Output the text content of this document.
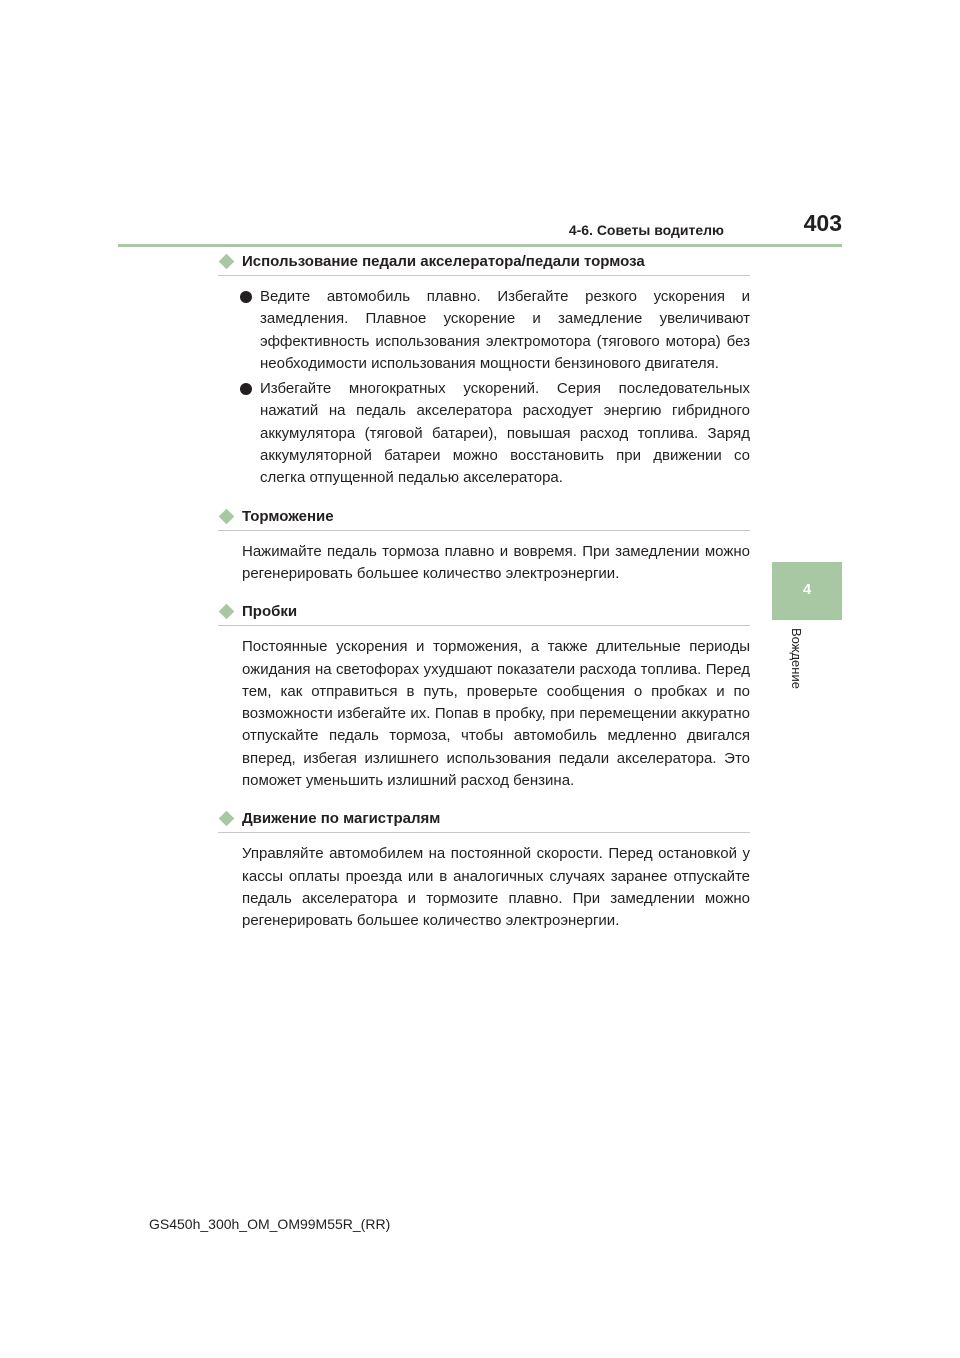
4-6. Советы водителю	403
4
Вождение
Использование педали акселератора/педали тормоза
Ведите автомобиль плавно. Избегайте резкого ускорения и замедления. Плавное ускорение и замедление увеличивают эффективность использования электромотора (тягового мотора) без необходимости использования мощности бензинового двигателя.
Избегайте многократных ускорений. Серия последовательных нажатий на педаль акселератора расходует энергию гибридного аккумулятора (тяговой батареи), повышая расход топлива. Заряд аккумуляторной батареи можно восстановить при движении со слегка отпущенной педалью акселератора.
Торможение
Нажимайте педаль тормоза плавно и вовремя. При замедлении можно регенерировать большее количество электроэнергии.
Пробки
Постоянные ускорения и торможения, а также длительные периоды ожидания на светофорах ухудшают показатели расхода топлива. Перед тем, как отправиться в путь, проверьте сообщения о пробках и по возможности избегайте их. Попав в пробку, при перемещении аккуратно отпускайте педаль тормоза, чтобы автомобиль медленно двигался вперед, избегая излишнего использования педали акселератора. Это поможет уменьшить излишний расход бензина.
Движение по магистралям
Управляйте автомобилем на постоянной скорости. Перед остановкой у кассы оплаты проезда или в аналогичных случаях заранее отпускайте педаль акселератора и тормозите плавно. При замедлении можно регенерировать большее количество электроэнергии.
GS450h_300h_OM_OM99M55R_(RR)
